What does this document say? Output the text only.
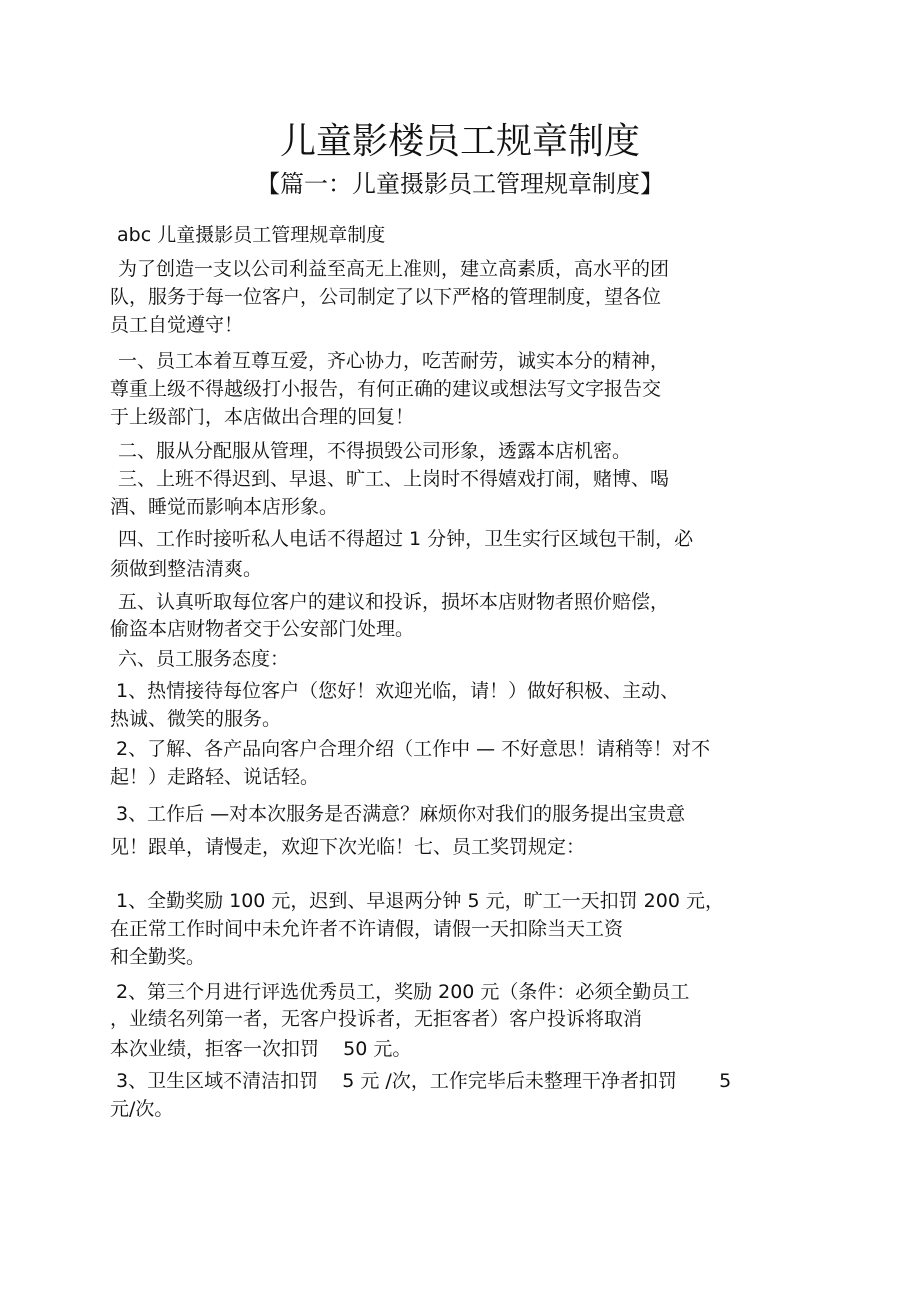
儿童影楼员工规章制度
【篇一：儿童摄影员工管理规章制度】
abc 儿童摄影员工管理规章制度
为了创造一支以公司利益至高无上准则，建立高素质，高水平的团
队，服务于每一位客户，公司制定了以下严格的管理制度，望各位
员工自觉遵守！
一、员工本着互尊互爱，齐心协力，吃苦耐劳，诚实本分的精神，
尊重上级不得越级打小报告，有何正确的建议或想法写文字报告交
于上级部门，本店做出合理的回复！
二、服从分配服从管理，不得损毁公司形象，透露本店机密。
三、上班不得迟到、早退、旷工、上岗时不得嬉戏打闹，赌博、喝
酒、睡觉而影响本店形象。
四、工作时接听私人电话不得超过 1 分钟，卫生实行区域包干制，必
须做到整洁清爽。
五、认真听取每位客户的建议和投诉，损坏本店财物者照价赔偿，
偷盗本店财物者交于公安部门处理。
六、员工服务态度：
1、热情接待每位客户（您好！欢迎光临，请！）做好积极、主动、
热诚、微笑的服务。
2、了解、各产品向客户合理介绍（工作中 — 不好意思！请稍等！对不
起！）走路轻、说话轻。
3、工作后 —对本次服务是否满意？麻烦你对我们的服务提出宝贵意
见！跟单，请慢走，欢迎下次光临！七、员工奖罚规定：
1、全勤奖励 100 元，迟到、早退两分钟 5 元，旷工一天扣罚 200 元，
在正常工作时间中未允许者不许请假，请假一天扣除当天工资
和全勤奖。
2、第三个月进行评选优秀员工，奖励 200 元（条件：必须全勤员工
，业绩名列第一者，无客户投诉者，无拒客者）客户投诉将取消
本次业绩，拒客一次扣罚    50 元。
3、卫生区域不清洁扣罚    5 元 /次，工作完毕后未整理干净者扣罚       5
元/次。
